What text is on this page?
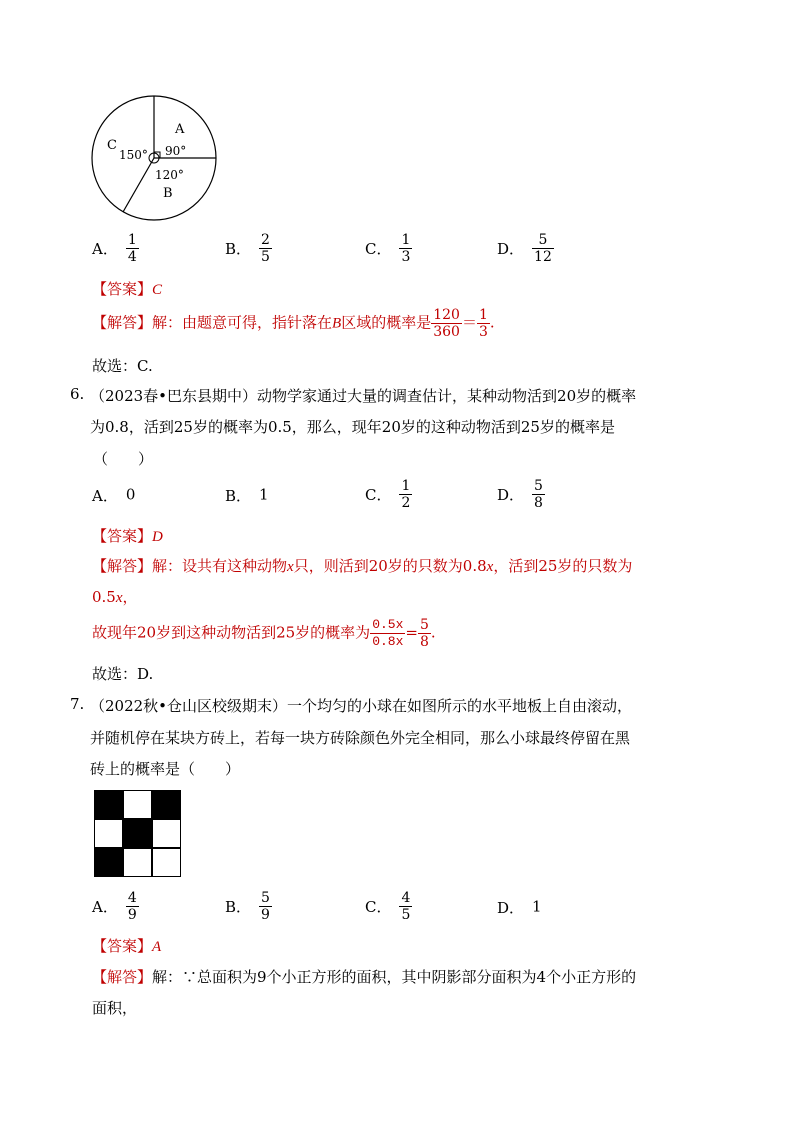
A
C
B
90°
150°
120°
A． $\frac{1}{4}$	B． $\frac{2}{5}$	C． $\frac{1}{3}$	D． $\frac{5}{12}$
【答案】C
【解答】解：由题意可得，指针落在B区域的概率是 $\frac{120}{360} = \frac{1}{3}$ .
故选：C.
6. （2023春•巴东县期中）动物学家通过大量的调查估计，某种动物活到20岁的概率
为0.8，活到25岁的概率为0.5，那么，现年20岁的这种动物活到25岁的概率是
（　　）
A． 0	B． 1	C． $\frac{1}{2}$	D． $\frac{5}{8}$
【答案】D
【解答】解：设共有这种动物x只，则活到20岁的只数为0.8x，活到25岁的只数为
0.5x，
故现年20岁到这种动物活到25岁的概率为 $\frac{0.5x}{0.8x} = \frac{5}{8}$ .
故选：D.
7. （2022秋•仓山区校级期末）一个均匀的小球在如图所示的水平地板上自由滚动，
并随机停在某块方砖上，若每一块方砖除颜色外完全相同，那么小球最终停留在黑
砖上的概率是（　　）
A． $\frac{4}{9}$	B． $\frac{5}{9}$	C． $\frac{4}{5}$	D． 1
【答案】A
【解答】解：∵总面积为9个小正方形的面积，其中阴影部分面积为4个小正方形的
面积，
